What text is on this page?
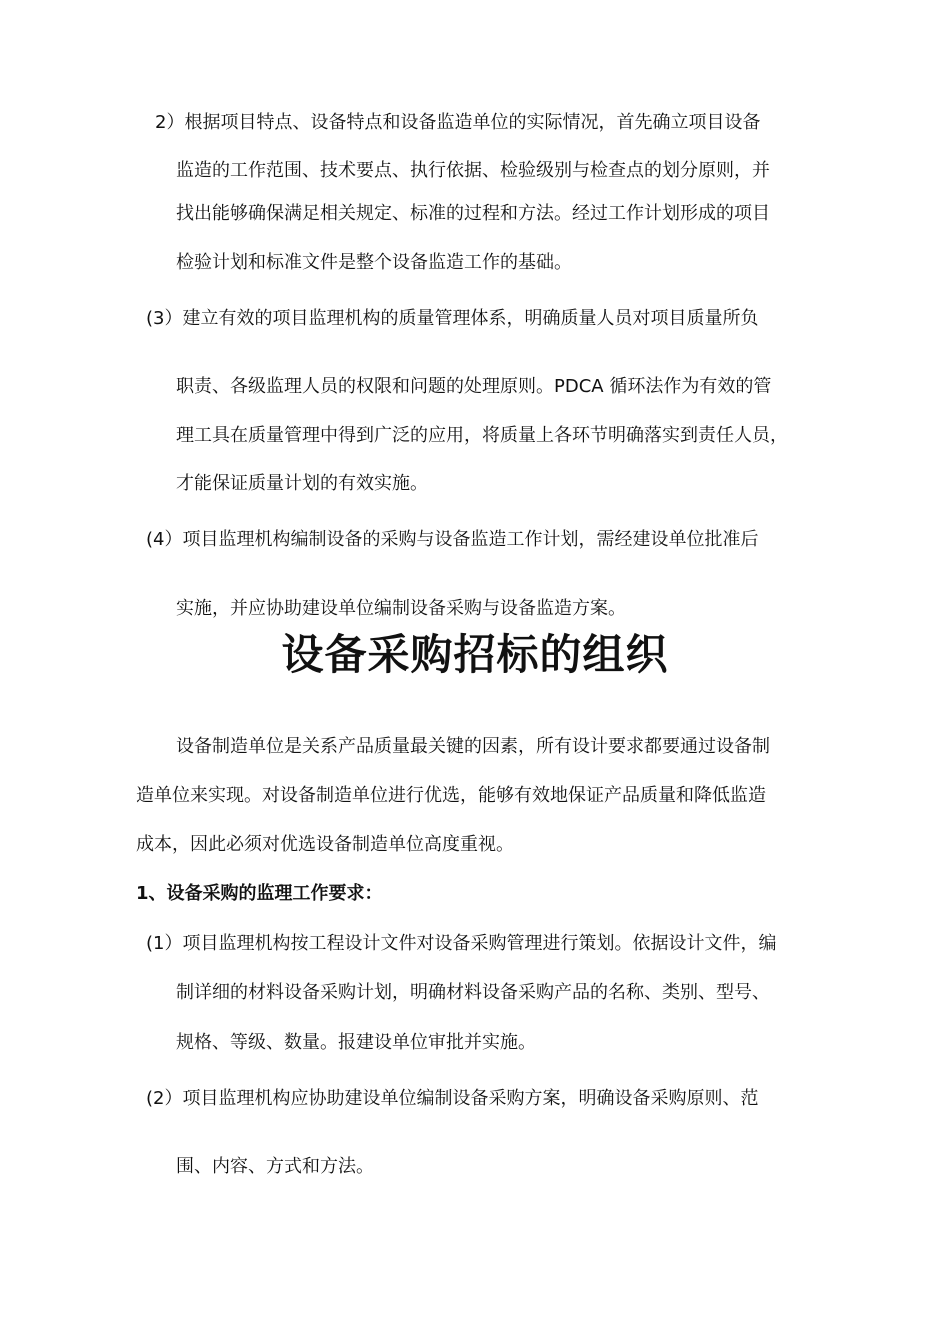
2）根据项目特点、设备特点和设备监造单位的实际情况，首先确立项目设备
监造的工作范围、技术要点、执行依据、检验级别与检查点的划分原则，并
找出能够确保满足相关规定、标准的过程和方法。经过工作计划形成的项目
检验计划和标准文件是整个设备监造工作的基础。
(3）建立有效的项目监理机构的质量管理体系，明确质量人员对项目质量所负
职责、各级监理人员的权限和问题的处理原则。PDCA 循环法作为有效的管
理工具在质量管理中得到广泛的应用，将质量上各环节明确落实到责任人员，
才能保证质量计划的有效实施。
(4）项目监理机构编制设备的采购与设备监造工作计划，需经建设单位批准后
实施，并应协助建设单位编制设备采购与设备监造方案。
设备采购招标的组织
设备制造单位是关系产品质量最关键的因素，所有设计要求都要通过设备制
造单位来实现。对设备制造单位进行优选，能够有效地保证产品质量和降低监造
成本，因此必须对优选设备制造单位高度重视。
1、设备采购的监理工作要求：
(1）项目监理机构按工程设计文件对设备采购管理进行策划。依据设计文件，编
制详细的材料设备采购计划，明确材料设备采购产品的名称、类别、型号、
规格、等级、数量。报建设单位审批并实施。
(2）项目监理机构应协助建设单位编制设备采购方案，明确设备采购原则、范
围、内容、方式和方法。
